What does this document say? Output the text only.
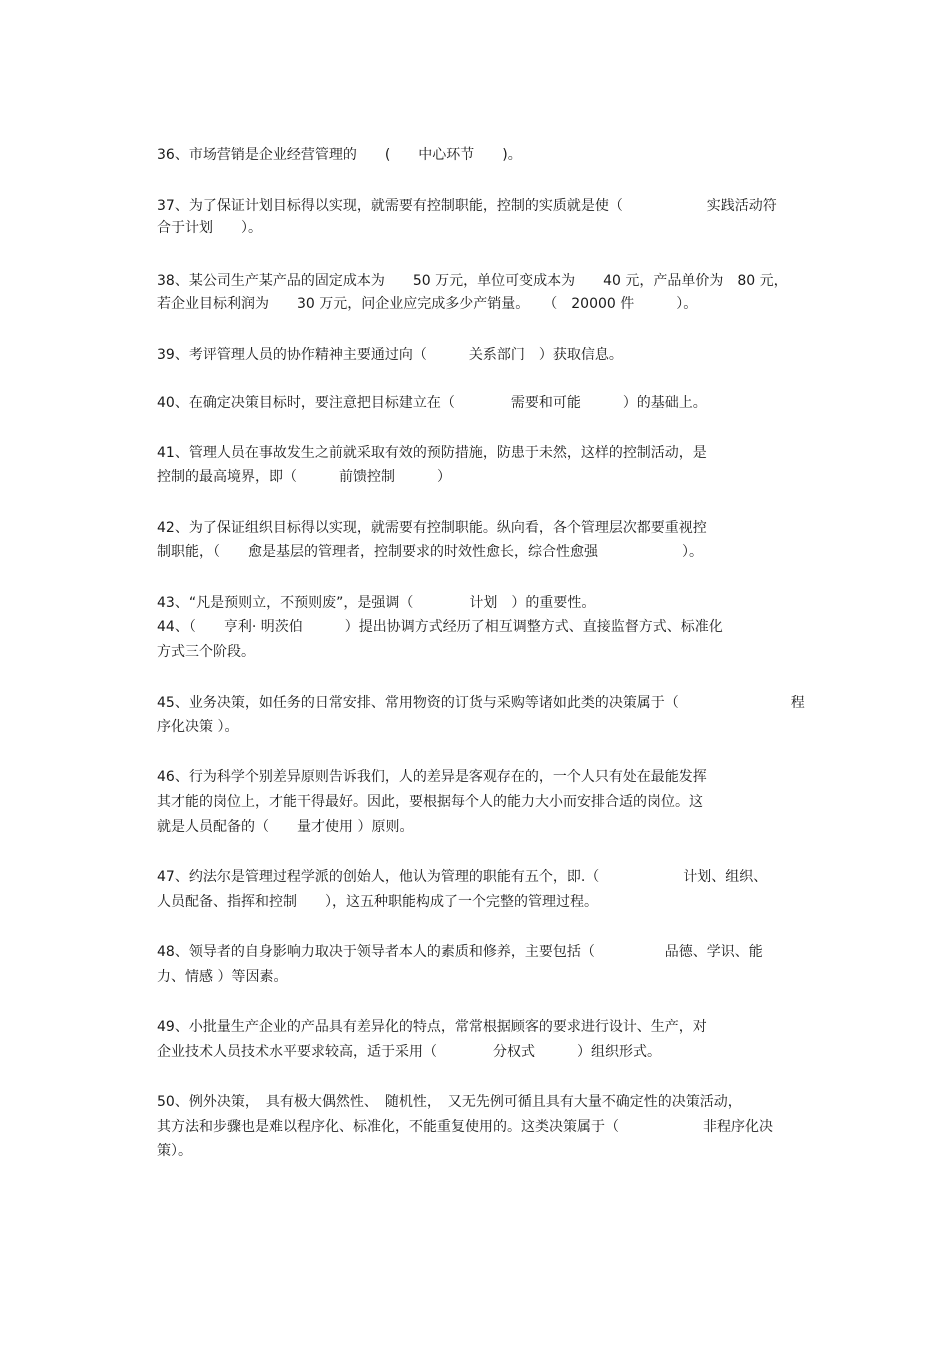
36、市场营销是企业经营管理的　　(　　中心环节　　)。
37、为了保证计划目标得以实现，就需要有控制职能，控制的实质就是使（　　　　　　实践活动符
合于计划　　）。
38、某公司生产某产品的固定成本为　　50 万元，单位可变成本为　　40 元，产品单价为　80 元，
若企业目标利润为　　30 万元，问企业应完成多少产销量。　　（　20000 件　　　）。
39、考评管理人员的协作精神主要通过向（　　　关系部门　）获取信息。
40、在确定决策目标时，要注意把目标建立在（　　　　需要和可能　　　）的基础上。
41、管理人员在事故发生之前就采取有效的预防措施，防患于未然，这样的控制活动，是
控制的最高境界，即（　　　前馈控制　　　）
42、为了保证组织目标得以实现，就需要有控制职能。纵向看，各个管理层次都要重视控
制职能，（　　愈是基层的管理者，控制要求的时效性愈长，综合性愈强　　　　　　）。
43、“凡是预则立，不预则废”，是强调（　　　　计划　）的重要性。
44、（　　亨利· 明茨伯　　　）提出协调方式经历了相互调整方式、直接监督方式、标准化
方式三个阶段。
45、业务决策，如任务的日常安排、常用物资的订货与采购等诸如此类的决策属于（　　　　　　　　程
序化决策 ）。
46、行为科学个别差异原则告诉我们，人的差异是客观存在的，一个人只有处在最能发挥
其才能的岗位上，才能干得最好。因此，要根据每个人的能力大小而安排合适的岗位。这
就是人员配备的（　　量才使用 ）原则。
47、约法尔是管理过程学派的创始人，他认为管理的职能有五个，即.（　　　　　　计划、组织、
人员配备、指挥和控制　　），这五种职能构成了一个完整的管理过程。
48、领导者的自身影响力取决于领导者本人的素质和修养，主要包括（　　　　　品德、学识、能
力、情感 ）等因素。
49、小批量生产企业的产品具有差异化的特点，常常根据顾客的要求进行设计、生产，对
企业技术人员技术水平要求较高，适于采用（　　　　分权式　　　）组织形式。
50、例外决策，　具有极大偶然性、　随机性，　又无先例可循且具有大量不确定性的决策活动，
其方法和步骤也是难以程序化、标准化，不能重复使用的。这类决策属于（　　　　　　非程序化决
策）。
